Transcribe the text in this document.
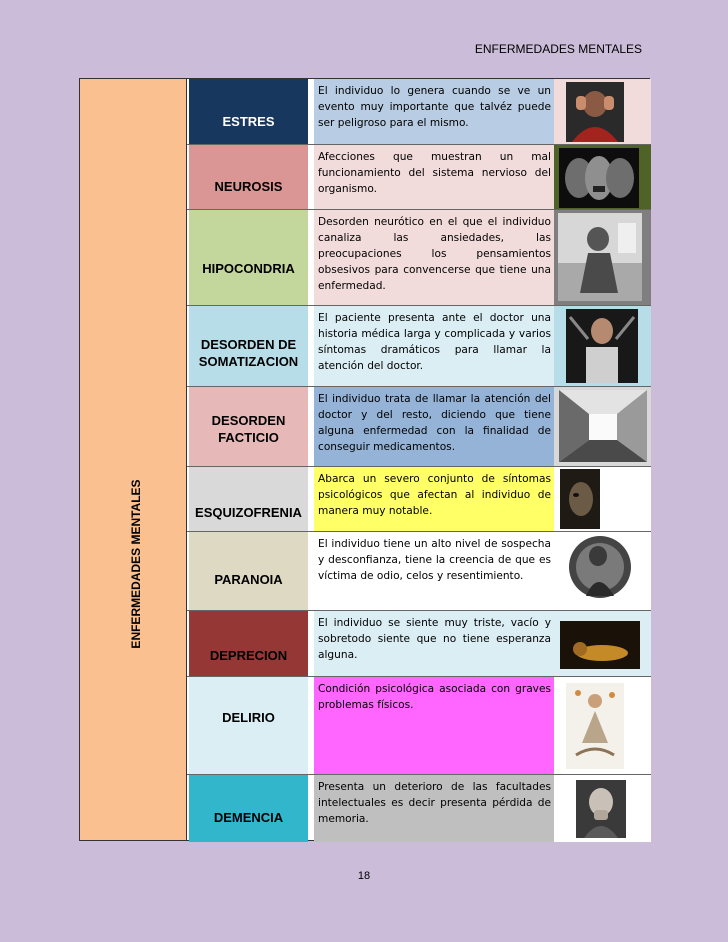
ENFERMEDADES MENTALES
ENFERMEDADES MENTALES
ESTRES
El individuo lo genera cuando se ve un evento muy importante que talvéz puede ser peligroso para el mismo.
NEUROSIS
Afecciones que muestran un mal funcionamiento del sistema nervioso del organismo.
HIPOCONDRIA
Desorden neurótico en el que el individuo canaliza las ansiedades, las preocupaciones los pensamientos obsesivos para convencerse que tiene una enfermedad.
DESORDEN DE SOMATIZACION
El paciente presenta ante el doctor una historia médica larga y complicada y varios síntomas dramáticos para llamar la atención del doctor.
DESORDEN FACTICIO
El individuo trata de llamar la atención del doctor y del resto, diciendo que tiene alguna enfermedad con la finalidad de conseguir medicamentos.
ESQUIZOFRENIA
Abarca un severo conjunto de síntomas psicológicos que afectan al individuo de manera muy notable.
PARANOIA
El individuo tiene un alto nivel de sospecha y desconfianza, tiene la creencia de que es víctima de odio, celos y resentimiento.
DEPRECION
El individuo se siente muy triste, vacío y sobretodo siente que no tiene esperanza alguna.
DELIRIO
Condición psicológica asociada con graves problemas físicos.
DEMENCIA
Presenta un deterioro de las facultades intelectuales es decir presenta pérdida de memoria.
18
